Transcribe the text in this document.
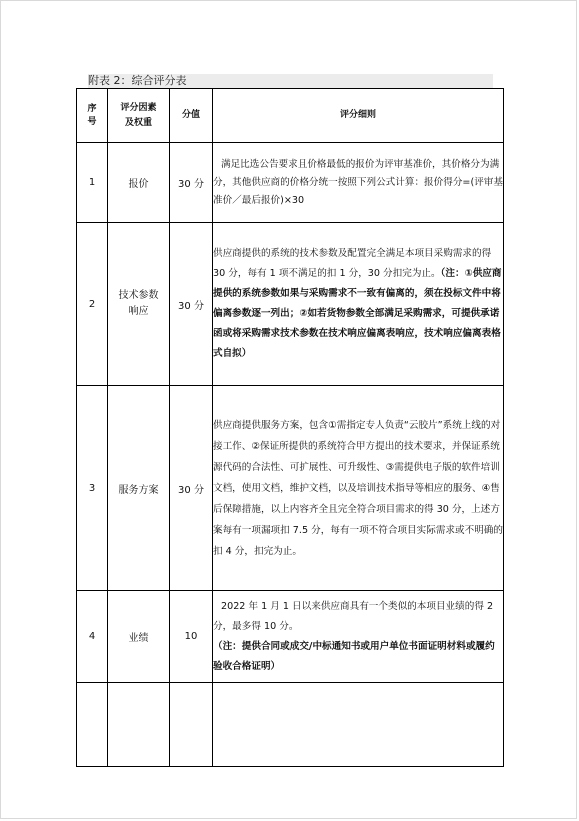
附表 2：综合评分表
序号	评分因素及权重	分值	评分细则
1	报价	30 分	满足比选公告要求且价格最低的报价为评审基准价，其价格分为满分，其他供应商的价格分统一按照下列公式计算：报价得分=(评审基准价／最后报价)×30

2	技术参数响应	30 分	供应商提供的系统的技术参数及配置完全满足本项目采购需求的得 30 分，每有 1 项不满足的扣 1 分，30 分扣完为止。（注：①供应商提供的系统参数如果与采购需求不一致有偏离的，须在投标文件中将偏离参数逐一列出；②如若货物参数全部满足采购需求，可提供承诺函或将采购需求技术参数在技术响应偏离表响应，技术响应偏离表格式自拟）
3	服务方案	30 分	供应商提供服务方案，包含①需指定专人负责“云胶片”系统上线的对接工作、②保证所提供的系统符合甲方提出的技术要求，并保证系统源代码的合法性、可扩展性、可升级性、③需提供电子版的软件培训文档，使用文档，维护文档，以及培训技术指导等相应的服务、④售后保障措施，以上内容齐全且完全符合项目需求的得 30 分，上述方案每有一项漏项扣 7.5 分，每有一项不符合项目实际需求或不明确的扣 4 分，扣完为止。
4	业绩	10	2022 年 1 月 1 日以来供应商具有一个类似的本项目业绩的得 2 分，最多得 10 分。
（注：提供合同或成交/中标通知书或用户单位书面证明材料或履约验收合格证明）
